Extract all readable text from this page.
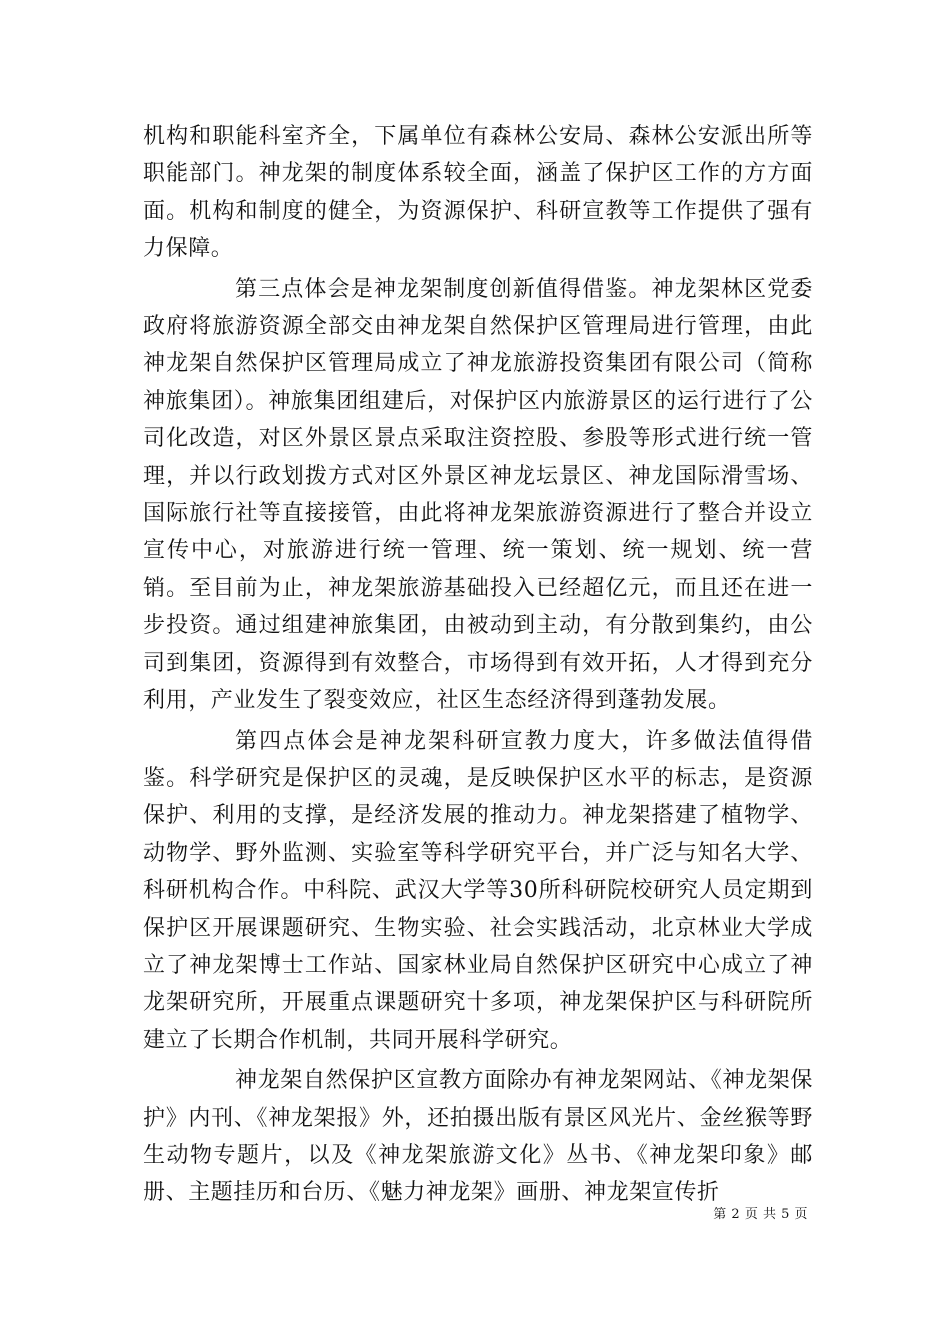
机构和职能科室齐全，下属单位有森林公安局、森林公安派出所等职能部门。神龙架的制度体系较全面，涵盖了保护区工作的方方面面。机构和制度的健全，为资源保护、科研宣教等工作提供了强有力保障。

第三点体会是神龙架制度创新值得借鉴。神龙架林区党委政府将旅游资源全部交由神龙架自然保护区管理局进行管理，由此神龙架自然保护区管理局成立了神龙旅游投资集团有限公司（简称神旅集团）。神旅集团组建后，对保护区内旅游景区的运行进行了公司化改造，对区外景区景点采取注资控股、参股等形式进行统一管理，并以行政划拨方式对区外景区神龙坛景区、神龙国际滑雪场、国际旅行社等直接接管，由此将神龙架旅游资源进行了整合并设立宣传中心，对旅游进行统一管理、统一策划、统一规划、统一营销。至目前为止，神龙架旅游基础投入已经超亿元，而且还在进一步投资。通过组建神旅集团，由被动到主动，有分散到集约，由公司到集团，资源得到有效整合，市场得到有效开拓，人才得到充分利用，产业发生了裂变效应，社区生态经济得到蓬勃发展。

第四点体会是神龙架科研宣教力度大，许多做法值得借鉴。科学研究是保护区的灵魂，是反映保护区水平的标志，是资源保护、利用的支撑，是经济发展的推动力。神龙架搭建了植物学、动物学、野外监测、实验室等科学研究平台，并广泛与知名大学、科研机构合作。中科院、武汉大学等30所科研院校研究人员定期到保护区开展课题研究、生物实验、社会实践活动，北京林业大学成立了神龙架博士工作站、国家林业局自然保护区研究中心成立了神龙架研究所，开展重点课题研究十多项，神龙架保护区与科研院所建立了长期合作机制，共同开展科学研究。

神龙架自然保护区宣教方面除办有神龙架网站、《神龙架保护》内刊、《神龙架报》外，还拍摄出版有景区风光片、金丝猴等野生动物专题片，以及《神龙架旅游文化》丛书、《神龙架印象》邮册、主题挂历和台历、《魅力神龙架》画册、神龙架宣传折

第 2 页 共 5 页
